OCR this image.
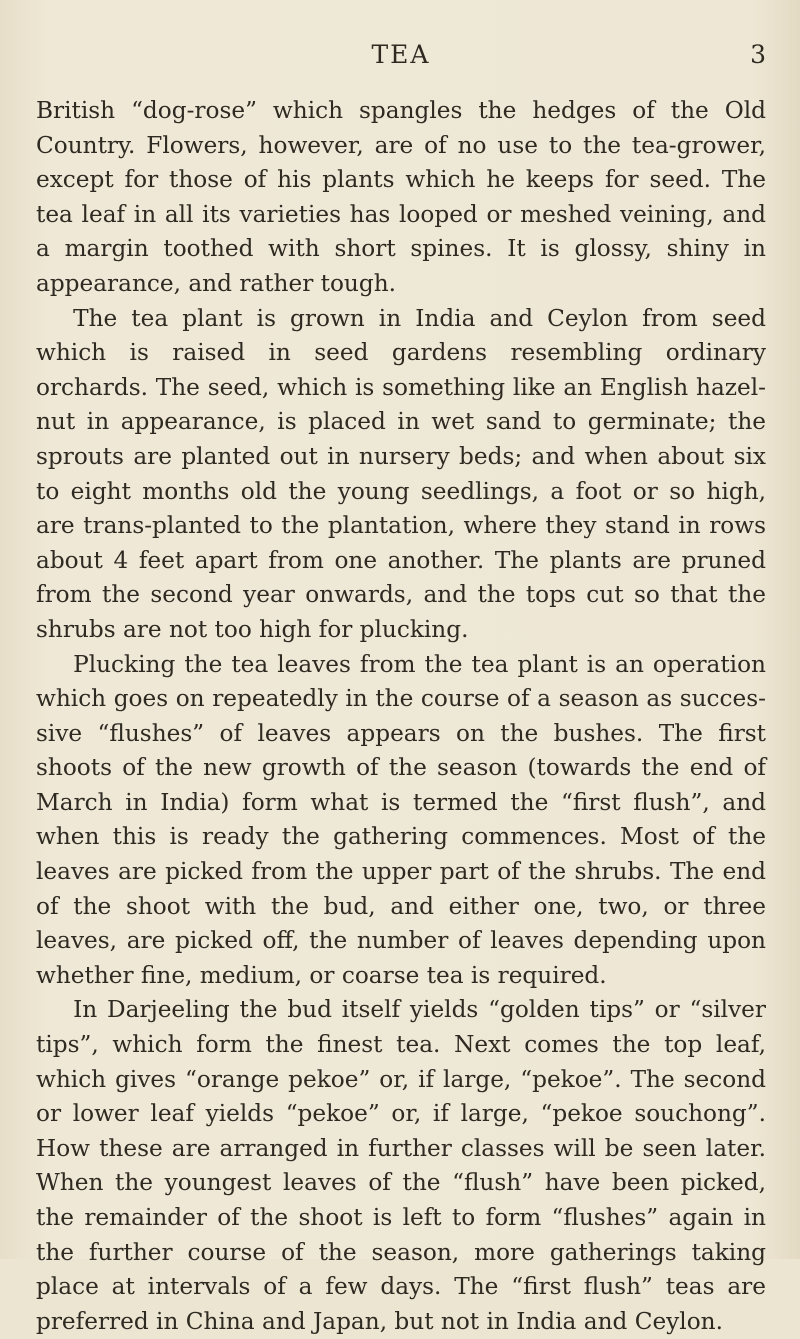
TEA	3

British “dog-rose” which spangles the hedges of the Old Country. Flowers, however, are of no use to the tea-grower, except for those of his plants which he keeps for seed. The tea leaf in all its varieties has looped or meshed veining, and a margin toothed with short spines. It is glossy, shiny in appearance, and rather tough.

The tea plant is grown in India and Ceylon from seed which is raised in seed gardens resembling ordinary orchards. The seed, which is something like an English hazel-nut in appearance, is placed in wet sand to germinate; the sprouts are planted out in nursery beds; and when about six to eight months old the young seedlings, a foot or so high, are trans-planted to the plantation, where they stand in rows about 4 feet apart from one another. The plants are pruned from the second year onwards, and the tops cut so that the shrubs are not too high for plucking.

Plucking the tea leaves from the tea plant is an operation which goes on repeatedly in the course of a season as succes-sive “flushes” of leaves appears on the bushes. The first shoots of the new growth of the season (towards the end of March in India) form what is termed the “first flush”, and when this is ready the gathering commences. Most of the leaves are picked from the upper part of the shrubs. The end of the shoot with the bud, and either one, two, or three leaves, are picked off, the number of leaves depending upon whether fine, medium, or coarse tea is required.

In Darjeeling the bud itself yields “golden tips” or “silver tips”, which form the finest tea. Next comes the top leaf, which gives “orange pekoe” or, if large, “pekoe”. The second or lower leaf yields “pekoe” or, if large, “pekoe souchong”. How these are arranged in further classes will be seen later. When the youngest leaves of the “flush” have been picked, the remainder of the shoot is left to form “flushes” again in the further course of the season, more gatherings taking place at intervals of a few days. The “first flush” teas are preferred in China and Japan, but not in India and Ceylon.
